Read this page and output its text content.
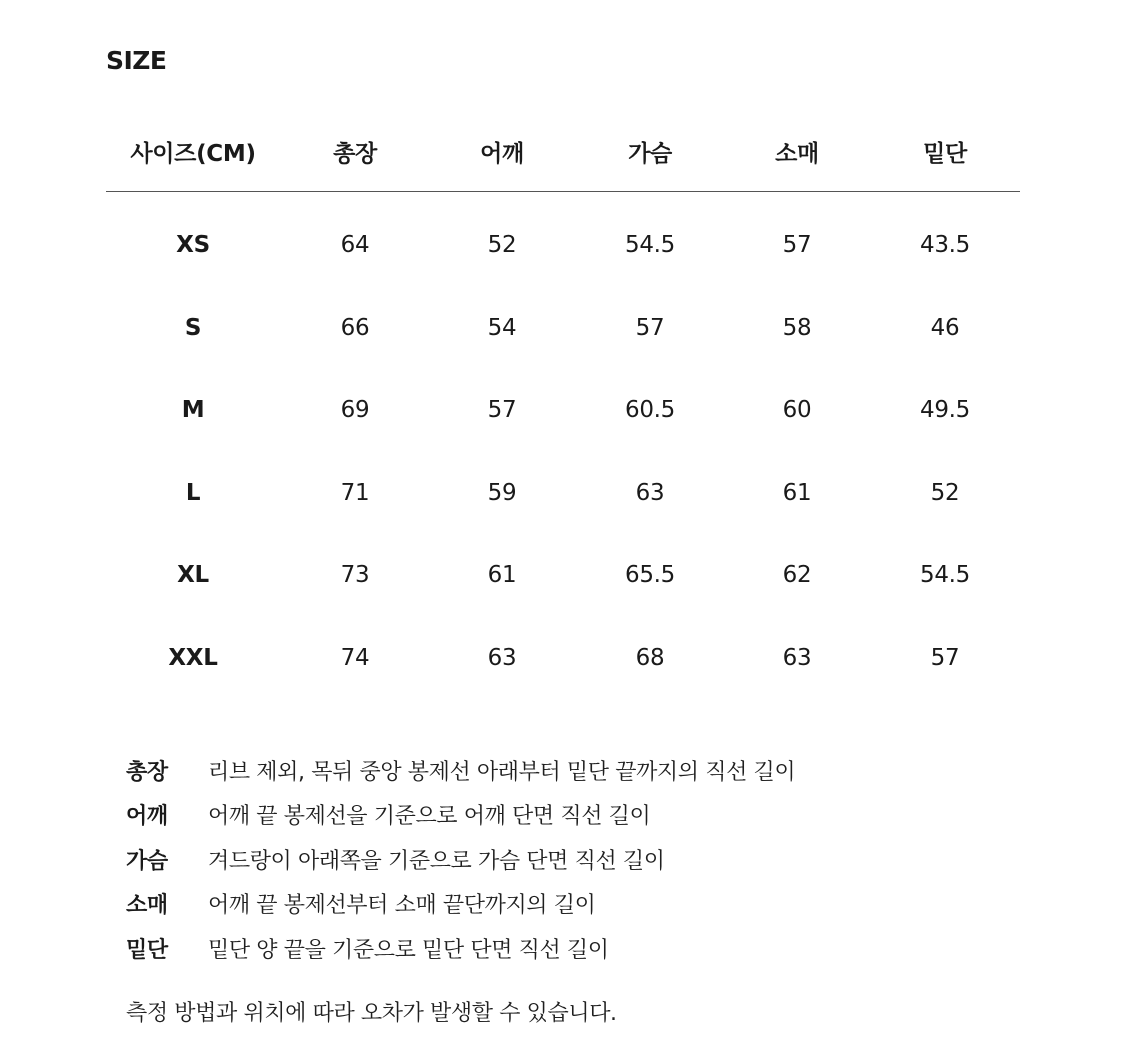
SIZE
사이즈(CM)	총장	어깨	가슴	소매	밑단
XS	64	52	54.5	57	43.5
S	66	54	57	58	46
M	69	57	60.5	60	49.5
L	71	59	63	61	52
XL	73	61	65.5	62	54.5
XXL	74	63	68	63	57
총장	리브 제외, 목뒤 중앙 봉제선 아래부터 밑단 끝까지의 직선 길이
어깨	어깨 끝 봉제선을 기준으로 어깨 단면 직선 길이
가슴	겨드랑이 아래쪽을 기준으로 가슴 단면 직선 길이
소매	어깨 끝 봉제선부터 소매 끝단까지의 길이
밑단	밑단 양 끝을 기준으로 밑단 단면 직선 길이
측정 방법과 위치에 따라 오차가 발생할 수 있습니다.
